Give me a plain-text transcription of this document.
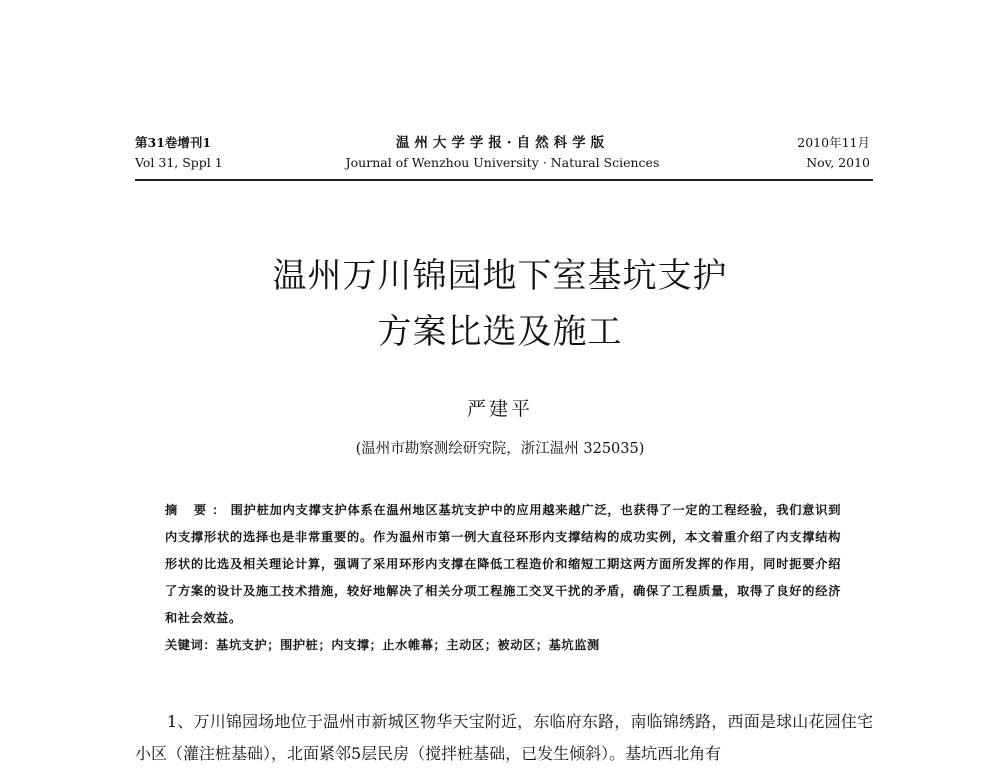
第31卷增刊1
Vol 31, Sppl 1
温州大学学报·自然科学版
Journal of Wenzhou University · Natural Sciences
2010年11月
Nov, 2010
温州万川锦园地下室基坑支护
方案比选及施工
严建平
(温州市勘察测绘研究院，浙江温州 325035)
摘 要：围护桩加内支撑支护体系在温州地区基坑支护中的应用越来越广泛，也获得了一定的工程经验，我们意识到内支撑形状的选择也是非常重要的。作为温州市第一例大直径环形内支撑结构的成功实例，本文着重介绍了内支撑结构形状的比选及相关理论计算，强调了采用环形内支撑在降低工程造价和缩短工期这两方面所发挥的作用，同时扼要介绍了方案的设计及施工技术措施，较好地解决了相关分项工程施工交叉干扰的矛盾，确保了工程质量，取得了良好的经济和社会效益。
关键词：基坑支护；围护桩；内支撑；止水帷幕；主动区；被动区；基坑监测
1、万川锦园场地位于温州市新城区物华天宝附近，东临府东路，南临锦绣路，西面是球山花园住宅小区（灌注桩基础），北面紧邻5层民房（搅拌桩基础，已发生倾斜）。基坑西北角有
